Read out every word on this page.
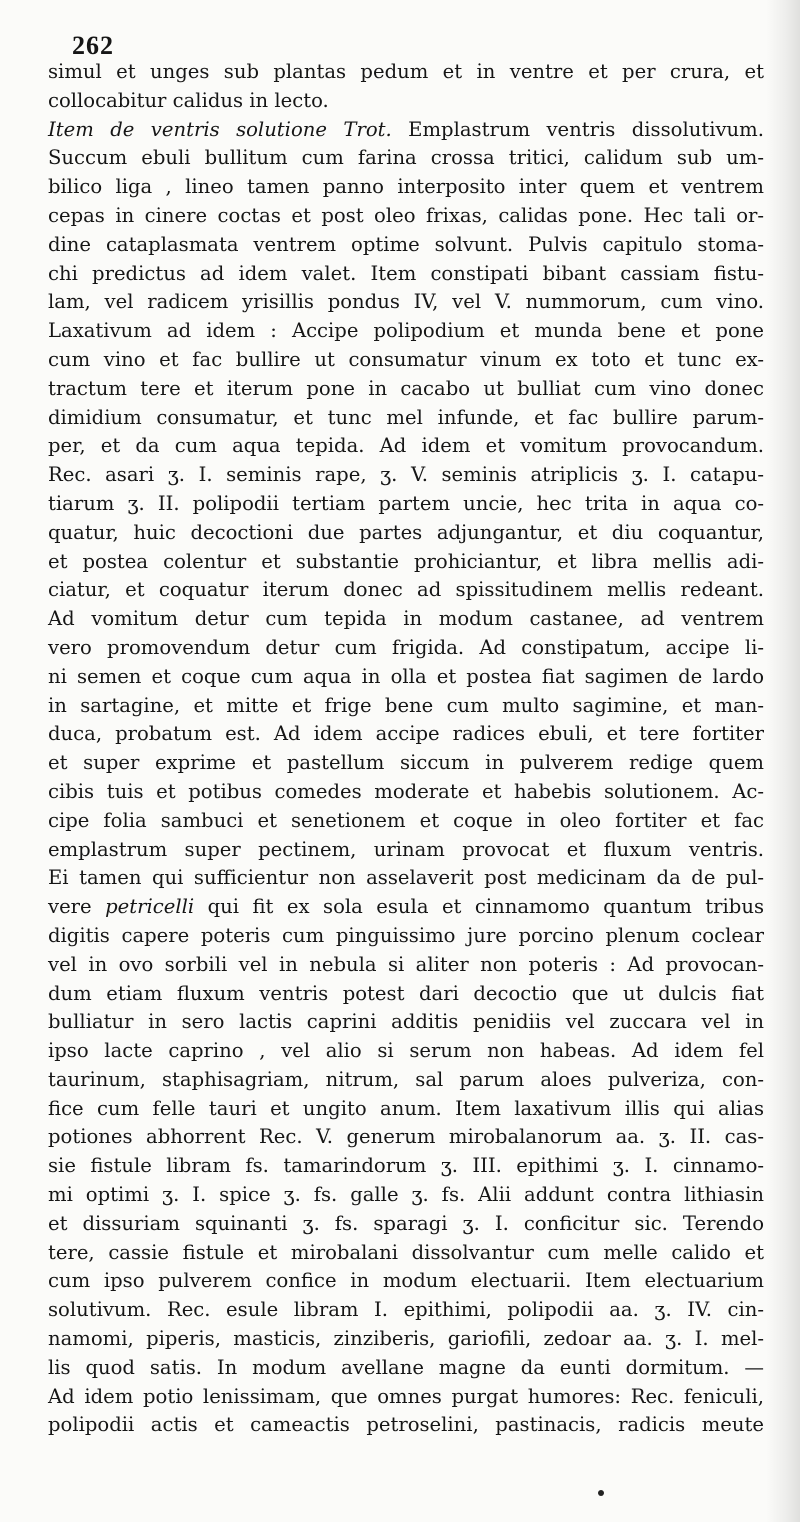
262

simul et unges sub plantas pedum et in ventre et per crura, et
collocabitur calidus in lecto.
Item de ventris solutione Trot. Emplastrum ventris dissolutivum.
Succum ebuli bullitum cum farina crossa tritici, calidum sub um-
bilico liga , lineo tamen panno interposito inter quem et ventrem
cepas in cinere coctas et post oleo frixas, calidas pone. Hec tali or-
dine cataplasmata ventrem optime solvunt. Pulvis capitulo stoma-
chi predictus ad idem valet. Item constipati bibant cassiam fistu-
lam, vel radicem yrisillis pondus IV, vel V. nummorum, cum vino.
Laxativum ad idem : Accipe polipodium et munda bene et pone
cum vino et fac bullire ut consumatur vinum ex toto et tunc ex-
tractum tere et iterum pone in cacabo ut bulliat cum vino donec
dimidium consumatur, et tunc mel infunde, et fac bullire parum-
per, et da cum aqua tepida. Ad idem et vomitum provocandum.
Rec. asari ʒ. I. seminis rape, ʒ. V. seminis atriplicis ʒ. I. catapu-
tiarum ʒ. II. polipodii tertiam partem uncie, hec trita in aqua co-
quatur, huic decoctioni due partes adjungantur, et diu coquantur,
et postea colentur et substantie prohiciantur, et libra mellis adi-
ciatur, et coquatur iterum donec ad spissitudinem mellis redeant.
Ad vomitum detur cum tepida in modum castanee, ad ventrem
vero promovendum detur cum frigida. Ad constipatum, accipe li-
ni semen et coque cum aqua in olla et postea fiat sagimen de lardo
in sartagine, et mitte et frige bene cum multo sagimine, et man-
duca, probatum est. Ad idem accipe radices ebuli, et tere fortiter
et super exprime et pastellum siccum in pulverem redige quem
cibis tuis et potibus comedes moderate et habebis solutionem. Ac-
cipe folia sambuci et senetionem et coque in oleo fortiter et fac
emplastrum super pectinem, urinam provocat et fluxum ventris.
Ei tamen qui sufficientur non asselaverit post medicinam da de pul-
vere petricelli qui fit ex sola esula et cinnamomo quantum tribus
digitis capere poteris cum pinguissimo jure porcino plenum coclear
vel in ovo sorbili vel in nebula si aliter non poteris : Ad provocan-
dum etiam fluxum ventris potest dari decoctio que ut dulcis fiat
bulliatur in sero lactis caprini additis penidiis vel zuccara vel in
ipso lacte caprino , vel alio si serum non habeas. Ad idem fel
taurinum, staphisagriam, nitrum, sal parum aloes pulveriza, con-
fice cum felle tauri et ungito anum. Item laxativum illis qui alias
potiones abhorrent Rec. V. generum mirobalanorum aa. ʒ. II. cas-
sie fistule libram fs. tamarindorum ʒ. III. epithimi ʒ. I. cinnamo-
mi optimi ʒ. I. spice ʒ. fs. galle ʒ. fs. Alii addunt contra lithiasin
et dissuriam squinanti ʒ. fs. sparagi ʒ. I. conficitur sic. Terendo
tere, cassie fistule et mirobalani dissolvantur cum melle calido et
cum ipso pulverem confice in modum electuarii. Item electuarium
solutivum. Rec. esule libram I. epithimi, polipodii aa. ʒ. IV. cin-
namomi, piperis, masticis, zinziberis, gariofili, zedoar aa. ʒ. I. mel-
lis quod satis. In modum avellane magne da eunti dormitum. —
Ad idem potio lenissimam, que omnes purgat humores: Rec. feniculi,
polipodii actis et cameactis petroselini, pastinacis, radicis meute
